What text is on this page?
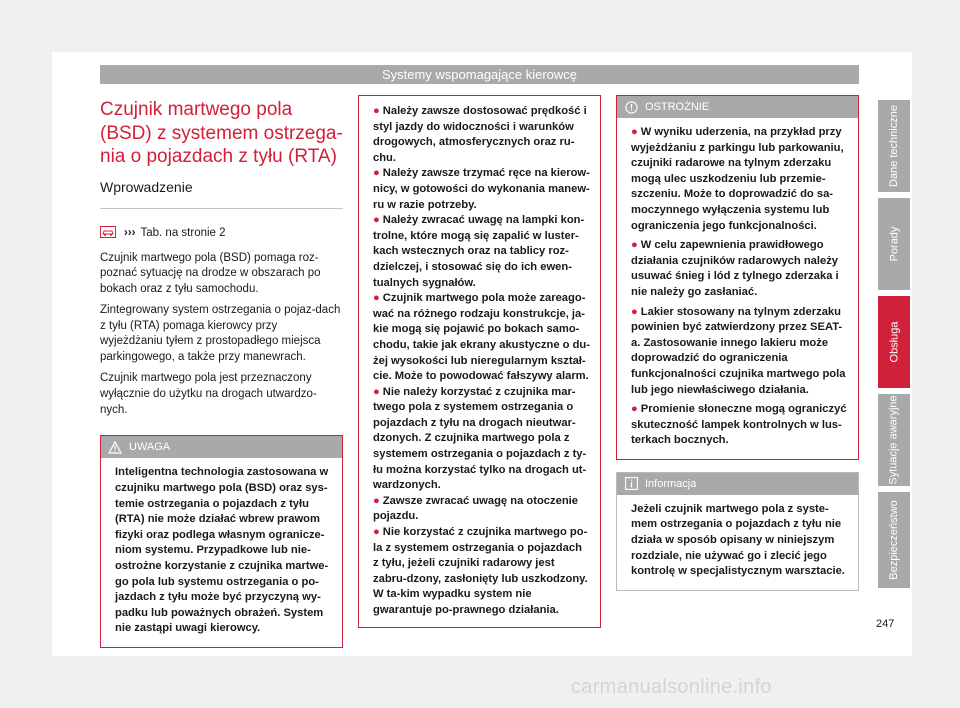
Systemy wspomagające kierowcę
Czujnik martwego pola
(BSD) z systemem ostrzega-
nia o pojazdach z tyłu (RTA)
Wprowadzenie
››› Tab. na stronie 2

Czujnik martwego pola (BSD) pomaga roz-poznać sytuację na drodze w obszarach po bokach oraz z tyłu samochodu.

Zintegrowany system ostrzegania o pojaz-dach z tyłu (RTA) pomaga kierowcy przy wyjeżdżaniu tyłem z prostopadłego miejsca parkingowego, a także przy manewrach.

Czujnik martwego pola jest przeznaczony wyłącznie do użytku na drogach utwardzo-nych.

UWAGA
Inteligentna technologia zastosowana w czujniku martwego pola (BSD) oraz sys-temie ostrzegania o pojazdach z tyłu (RTA) nie może działać wbrew prawom fizyki oraz podlega własnym ogranicze-niom systemu. Przypadkowe lub nie-ostrożne korzystanie z czujnika martwe-go pola lub systemu ostrzegania o po-jazdach z tyłu może być przyczyną wy-padku lub poważnych obrażeń. System nie zastąpi uwagi kierowcy.
● Należy zawsze dostosować prędkość i styl jazdy do widoczności i warunków drogowych, atmosferycznych oraz ru-chu.
● Należy zawsze trzymać ręce na kierow-nicy, w gotowości do wykonania manew-ru w razie potrzeby.
● Należy zwracać uwagę na lampki kon-trolne, które mogą się zapalić w luster-kach wstecznych oraz na tablicy roz-dzielczej, i stosować się do ich ewen-tualnych sygnałów.
● Czujnik martwego pola może zareago-wać na różnego rodzaju konstrukcje, ja-kie mogą się pojawić po bokach samo-chodu, takie jak ekrany akustyczne o du-żej wysokości lub nieregularnym kształ-cie. Może to powodować fałszywy alarm.
● Nie należy korzystać z czujnika mar-twego pola z systemem ostrzegania o pojazdach z tyłu na drogach nieutwar-dzonych. Z czujnika martwego pola z systemem ostrzegania o pojazdach z ty-łu można korzystać tylko na drogach ut-wardzonych.
● Zawsze zwracać uwagę na otoczenie pojazdu.
● Nie korzystać z czujnika martwego po-la z systemem ostrzegania o pojazdach z tyłu, jeżeli czujniki radarowy jest zabru-dzony, zasłonięty lub uszkodzony. W ta-kim wypadku system nie gwarantuje po-prawnego działania.
OSTROŻNIE
● W wyniku uderzenia, na przykład przy wyjeżdżaniu z parkingu lub parkowaniu, czujniki radarowe na tylnym zderzaku mogą ulec uszkodzeniu lub przemie-szczeniu. Może to doprowadzić do sa-moczynnego wyłączenia systemu lub ograniczenia jego funkcjonalności.
● W celu zapewnienia prawidłowego działania czujników radarowych należy usuwać śnieg i lód z tylnego zderzaka i nie należy go zasłaniać.
● Lakier stosowany na tylnym zderzaku powinien być zatwierdzony przez SEAT-a. Zastosowanie innego lakieru może doprowadzić do ograniczenia funkcjonalności czujnika martwego pola lub jego niewłaściwego działania.
● Promienie słoneczne mogą ograniczyć skuteczność lampek kontrolnych w lus-terkach bocznych.
Informacja
Jeżeli czujnik martwego pola z syste-mem ostrzegania o pojazdach z tyłu nie działa w sposób opisany w niniejszym rozdziale, nie używać go i zlecić jego kontrolę w specjalistycznym warsztacie.
Dane techniczne
Porady
Obsługa
Sytuacje awaryjne
Bezpieczeństwo
247
carmanualsonline.info
